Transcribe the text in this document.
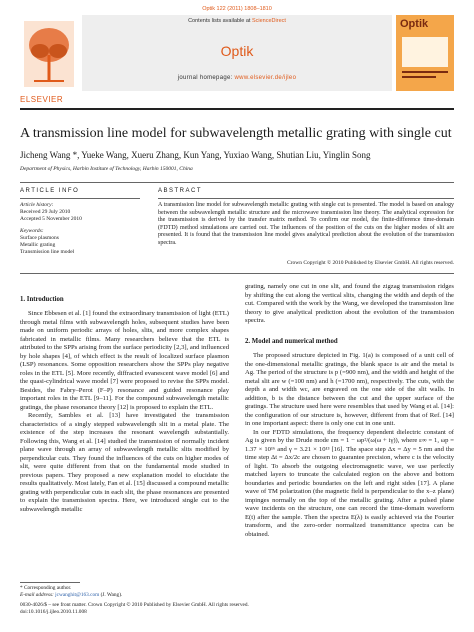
Optik 122 (2011) 1808–1810
Contents lists available at ScienceDirect
Optik
journal homepage: www.elsevier.de/ijleo
ELSEVIER
Optik
A transmission line model for subwavelength metallic grating with single cut
Jicheng Wang *, Yueke Wang, Xueru Zhang, Kun Yang, Yuxiao Wang, Shutian Liu, Yinglin Song
Department of Physics, Harbin Institute of Technology, Harbin 150001, China
ARTICLE INFO
Article history:
Received 29 July 2010
Accepted 5 November 2010
Keywords:
Surface plasmons
Metallic grating
Transmission line model
ABSTRACT
A transmission line model for subwavelength metallic grating with single cut is presented. The model is based on analogy between the subwavelength metallic structure and the microwave transmission line theory. The analytical expression for the transmission is derived by the transfer matrix method. To confirm our model, the finite-difference time-domain (FDTD) method simulations are carried out. The influences of the position of the cuts on the higher modes of slit are presented. It is found that the transmission line model gives analytical prediction about the evolution of the transmission spectra.
Crown Copyright © 2010 Published by Elsevier GmbH. All rights reserved.
1. Introduction

Since Ebbesen et al. [1] found the extraordinary transmission of light (ETL) through metal films with subwavelength holes, subsequent studies have been made on uniform periodic arrays of holes, slits, and more complex shapes fabricated in metallic films. Many researchers believe that the ETL is attributed to the SPPs arising from the surface periodicity [2,3], and influenced by hole shapes [4], of which effect is the result of localized surface plasmon (LSP) resonances. Some opposition researchers show the SPPs play negative roles in the ETL [5]. More recently, diffracted evanescent wave model [6] and the quasi-cylindrical wave model [7] were proposed to revise the SPPs model. Besides, the Fabry–Perot (F–P) resonance and guided resonance play important roles in the ETL [9–11]. For the compound subwavelength metallic gratings, the phase resonance theory [12] is proposed to explain the ETL.

Recently, Sambles et al. [13] have investigated the transmission characteristics of a singly stepped subwavelength slit in a metal plate. The existence of the step increases the resonant wavelength substantially. Following this, Wang et al. [14] studied the transmission of normally incident plane wave through an array of subwavelength metallic slits modified by perpendicular cuts. They found the influences of the cuts on higher modes of slit, were quite different from that on the fundamental mode studied in previous papers. They proposed a new explanation model to elucidate the results qualitatively. Most lately, Fan et al. [15] discussed a compound metallic grating with perpendicular cuts in each slit, the phase resonances are presented to explain the transmission spectra. Here, we introduced single cut to the subwavelength metallic

grating, namely one cut in one slit, and found the zigzag transmission ridges by shifting the cut along the vertical slits, changing the width and depth of the cut. Compared with the work by the Wang, we developed the transmission line theory to give analytical prediction about the evolution of the transmission spectra.

2. Model and numerical method

The proposed structure depicted in Fig. 1(a) is composed of a unit cell of the one-dimensional metallic gratings, the blank space is air and the metal is Ag. The period of the structure is p (=900 nm), and the width and height of the metal slit are w (=100 nm) and h (=1700 nm), respectively. The cuts, with the depth a and width wc, are engraved on the one side of the slit walls. In addition, b is the distance between the cut and the upper surface of the gratings. The structure used here were resembles that used by Wang et al. [14]: the configuration of our structure is, however, different from that of Ref. [14] in one important aspect: there is only one cut in one unit.

In our FDTD simulations, the frequency dependent dielectric constant of Ag is given by the Drude mode εm = 1 − ωp²/(ω(ω + iγ)), where ε∞ = 1, ωp = 1.37 × 10¹⁶ and γ = 3.21 × 10¹³ [16]. The space step Δx = Δy = 5 nm and the time step Δt = Δx/2c are chosen to guarantee precision, where c is the velocity of light. To absorb the outgoing electromagnetic wave, we use perfectly matched layers to truncate the calculated region on the above and bottom boundaries and periodic boundaries on the left and right sides [17]. A plane wave of TM polarization (the magnetic field is perpendicular to the x–z plane) impinges normally on the top of the metallic grating. After a pulsed plane wave incidents on the structure, one can record the time-domain waveform E(t) after the sample. Then the spectra E(λ) is easily achieved via the Fourier transform, and the zero-order normalized transmittance spectra can be obtained.

* Corresponding author.
E-mail address: jcwanghit@163.com (J. Wang).
0030-4026/$ – see front matter. Crown Copyright © 2010 Published by Elsevier GmbH. All rights reserved.
doi:10.1016/j.ijleo.2010.11.008
